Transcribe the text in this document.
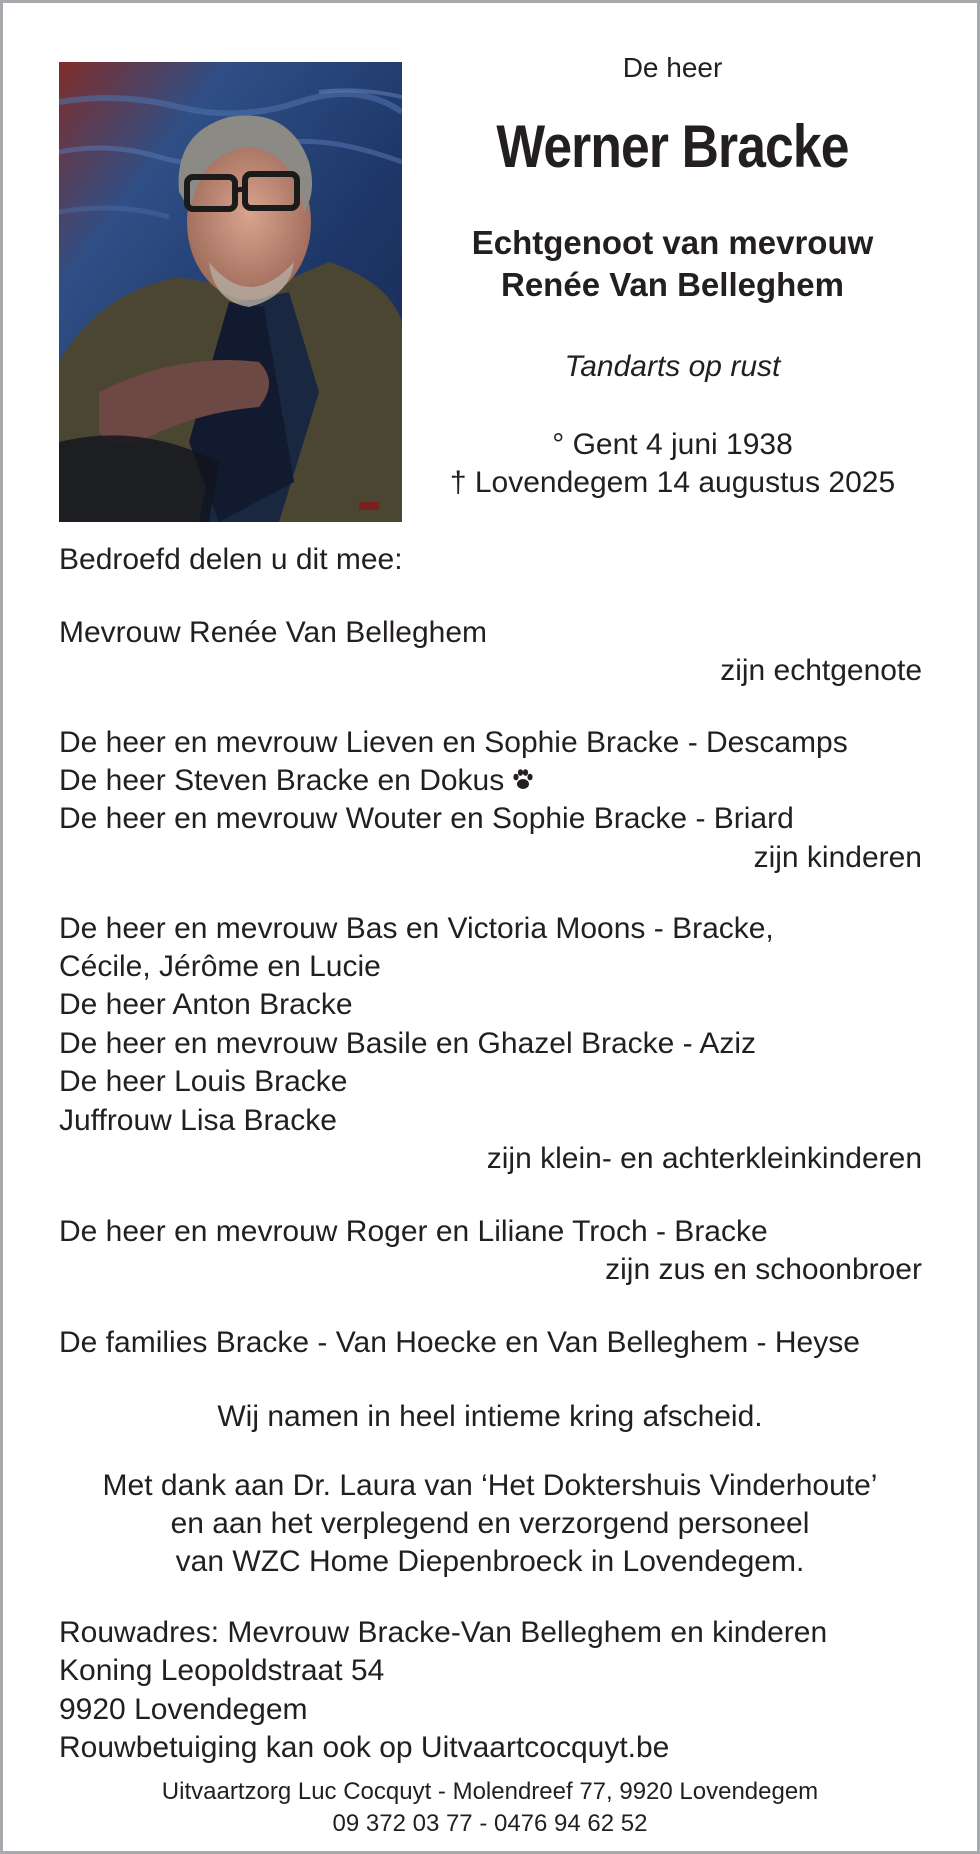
De heer
Werner Bracke
Echtgenoot van mevrouw
Renée Van Belleghem
Tandarts op rust
° Gent 4 juni 1938
† Lovendegem 14 augustus 2025
Bedroefd delen u dit mee:
Mevrouw Renée Van Belleghem
zijn echtgenote
De heer en mevrouw Lieven en Sophie Bracke - Descamps
De heer Steven Bracke en Dokus
De heer en mevrouw Wouter en Sophie Bracke - Briard
zijn kinderen
De heer en mevrouw Bas en Victoria Moons - Bracke,
Cécile, Jérôme en Lucie
De heer Anton Bracke
De heer en mevrouw Basile en Ghazel Bracke - Aziz
De heer Louis Bracke
Juffrouw Lisa Bracke
zijn klein- en achterkleinkinderen
De heer en mevrouw Roger en Liliane Troch - Bracke
zijn zus en schoonbroer
De families Bracke - Van Hoecke en Van Belleghem - Heyse
Wij namen in heel intieme kring afscheid.
Met dank aan Dr. Laura van ‘Het Doktershuis Vinderhoute’
en aan het verplegend en verzorgend personeel
van WZC Home Diepenbroeck in Lovendegem.
Rouwadres: Mevrouw Bracke-Van Belleghem en kinderen
Koning Leopoldstraat 54
9920 Lovendegem
Rouwbetuiging kan ook op Uitvaartcocquyt.be
Uitvaartzorg Luc Cocquyt - Molendreef 77, 9920 Lovendegem
09 372 03 77 - 0476 94 62 52
